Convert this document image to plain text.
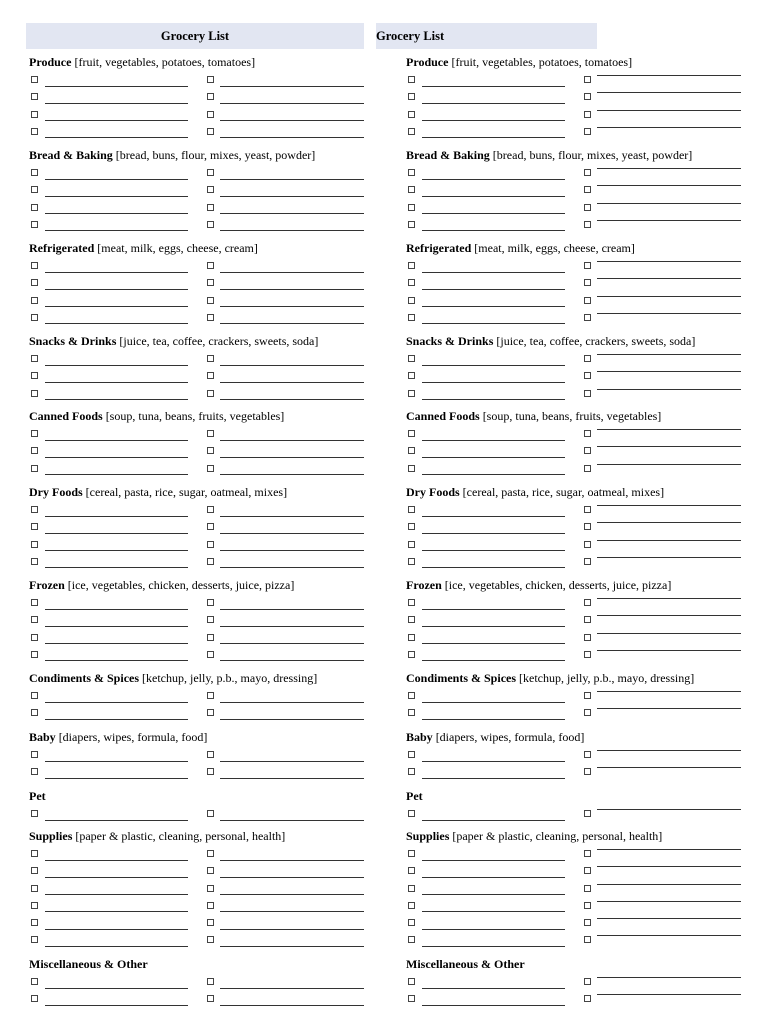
Grocery List	Grocery List
Produce [fruit, vegetables, potatoes, tomatoes]
Bread & Baking [bread, buns, flour, mixes, yeast, powder]
Refrigerated [meat, milk, eggs, cheese, cream]
Snacks & Drinks [juice, tea, coffee, crackers, sweets, soda]
Canned Foods [soup, tuna, beans, fruits, vegetables]
Dry Foods [cereal, pasta, rice, sugar, oatmeal, mixes]
Frozen [ice, vegetables, chicken, desserts, juice, pizza]
Condiments & Spices [ketchup, jelly, p.b., mayo, dressing]
Baby [diapers, wipes, formula, food]
Pet
Supplies [paper & plastic, cleaning, personal, health]
Miscellaneous & Other
Produce [fruit, vegetables, potatoes, tomatoes]
Bread & Baking [bread, buns, flour, mixes, yeast, powder]
Refrigerated [meat, milk, eggs, cheese, cream]
Snacks & Drinks [juice, tea, coffee, crackers, sweets, soda]
Canned Foods [soup, tuna, beans, fruits, vegetables]
Dry Foods [cereal, pasta, rice, sugar, oatmeal, mixes]
Frozen [ice, vegetables, chicken, desserts, juice, pizza]
Condiments & Spices [ketchup, jelly, p.b., mayo, dressing]
Baby [diapers, wipes, formula, food]
Pet
Supplies [paper & plastic, cleaning, personal, health]
Miscellaneous & Other
